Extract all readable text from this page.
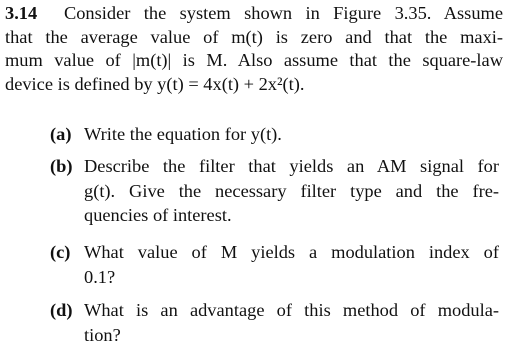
3.14 Consider the system shown in Figure 3.35. Assume
that the average value of m(t) is zero and that the maxi-
mum value of |m(t)| is M. Also assume that the square-law
device is defined by y(t) = 4x(t) + 2x²(t).
(a) Write the equation for y(t).
(b) Describe the filter that yields an AM signal for
g(t). Give the necessary filter type and the fre-
quencies of interest.
(c) What value of M yields a modulation index of
0.1?
(d) What is an advantage of this method of modula-
tion?
